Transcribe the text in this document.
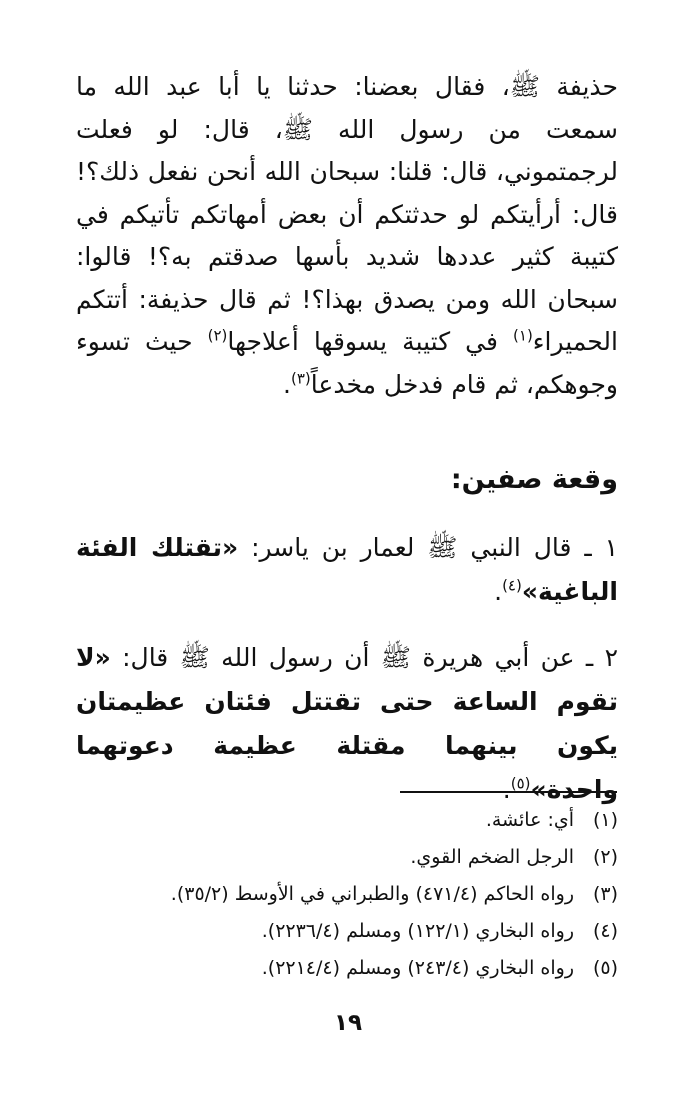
حذيفة ﷺ، فقال بعضنا: حدثنا يا أبا عبد الله ما سمعت من رسول الله ﷺ، قال: لو فعلت لرجمتموني، قال: قلنا: سبحان الله أنحن نفعل ذلك؟! قال: أرأيتكم لو حدثتكم أن بعض أمهاتكم تأتيكم في كتيبة كثير عددها شديد بأسها صدقتم به؟! قالوا: سبحان الله ومن يصدق بهذا؟! ثم قال حذيفة: أتتكم الحميراء$^{(١)}$ في كتيبة يسوقها أعلاجها$^{(٢)}$ حيث تسوء وجوهكم، ثم قام فدخل مخدعاً$^{(٣)}$.

وقعة صفين:

١ ـ قال النبي ﷺ لعمار بن ياسر: «تقتلك الفئة الباغية»$^{(٤)}$.

٢ ـ عن أبي هريرة ﷺ أن رسول الله ﷺ قال: «لا تقوم الساعة حتى تقتتل فئتان عظيمتان يكون بينهما مقتلة عظيمة دعوتهما واحدة»$^{(٥)}$.

(١)
أي: عائشة.
(٢)
الرجل الضخم القوي.
(٣)
رواه الحاكم (٤٧١/٤) والطبراني في الأوسط (٣٥/٢).
(٤)
رواه البخاري (١٢٢/١) ومسلم (٢٢٣٦/٤).
(٥)
رواه البخاري (٢٤٣/٤) ومسلم (٢٢١٤/٤).
١٩
